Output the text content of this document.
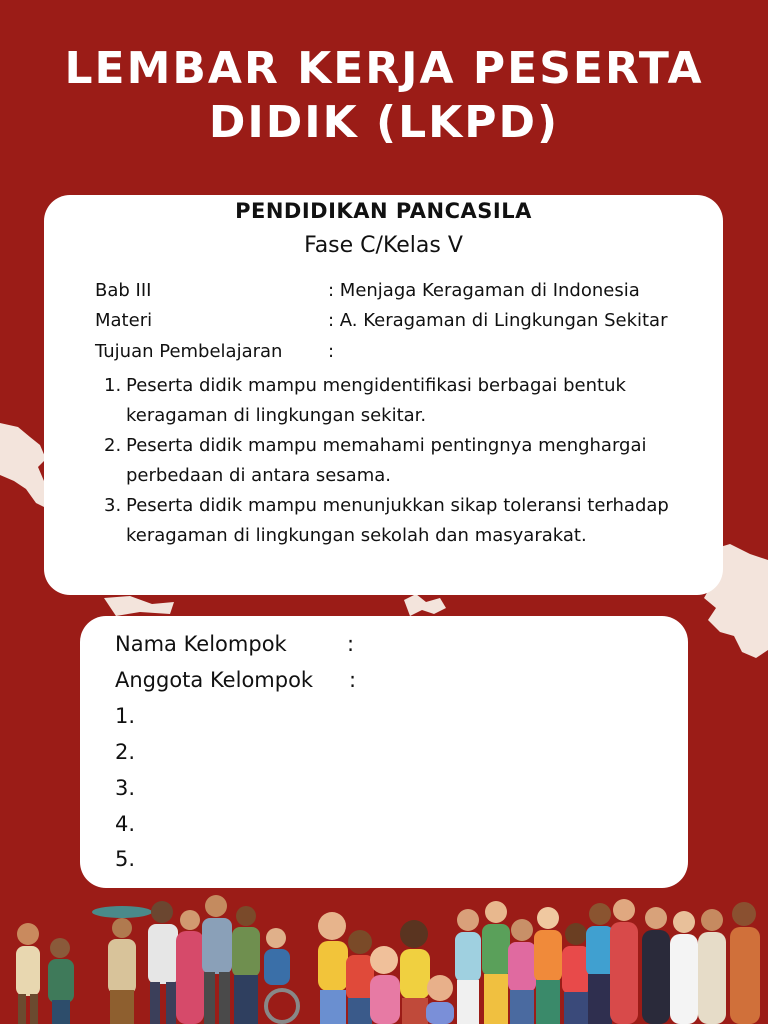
LEMBAR KERJA PESERTA
DIDIK (LKPD)
PENDIDIKAN PANCASILA
Fase C/Kelas V
Bab III	: Menjaga Keragaman di Indonesia
Materi	: A. Keragaman di Lingkungan Sekitar
Tujuan Pembelajaran	:
1. Peserta didik mampu mengidentifikasi berbagai bentuk keragaman di lingkungan sekitar.
2. Peserta didik mampu memahami pentingnya menghargai perbedaan di antara sesama.
3. Peserta didik mampu menunjukkan sikap toleransi terhadap keragaman di lingkungan sekolah dan masyarakat.
Nama Kelompok	:
Anggota Kelompok :
1.
2.
3.
4.
5.
